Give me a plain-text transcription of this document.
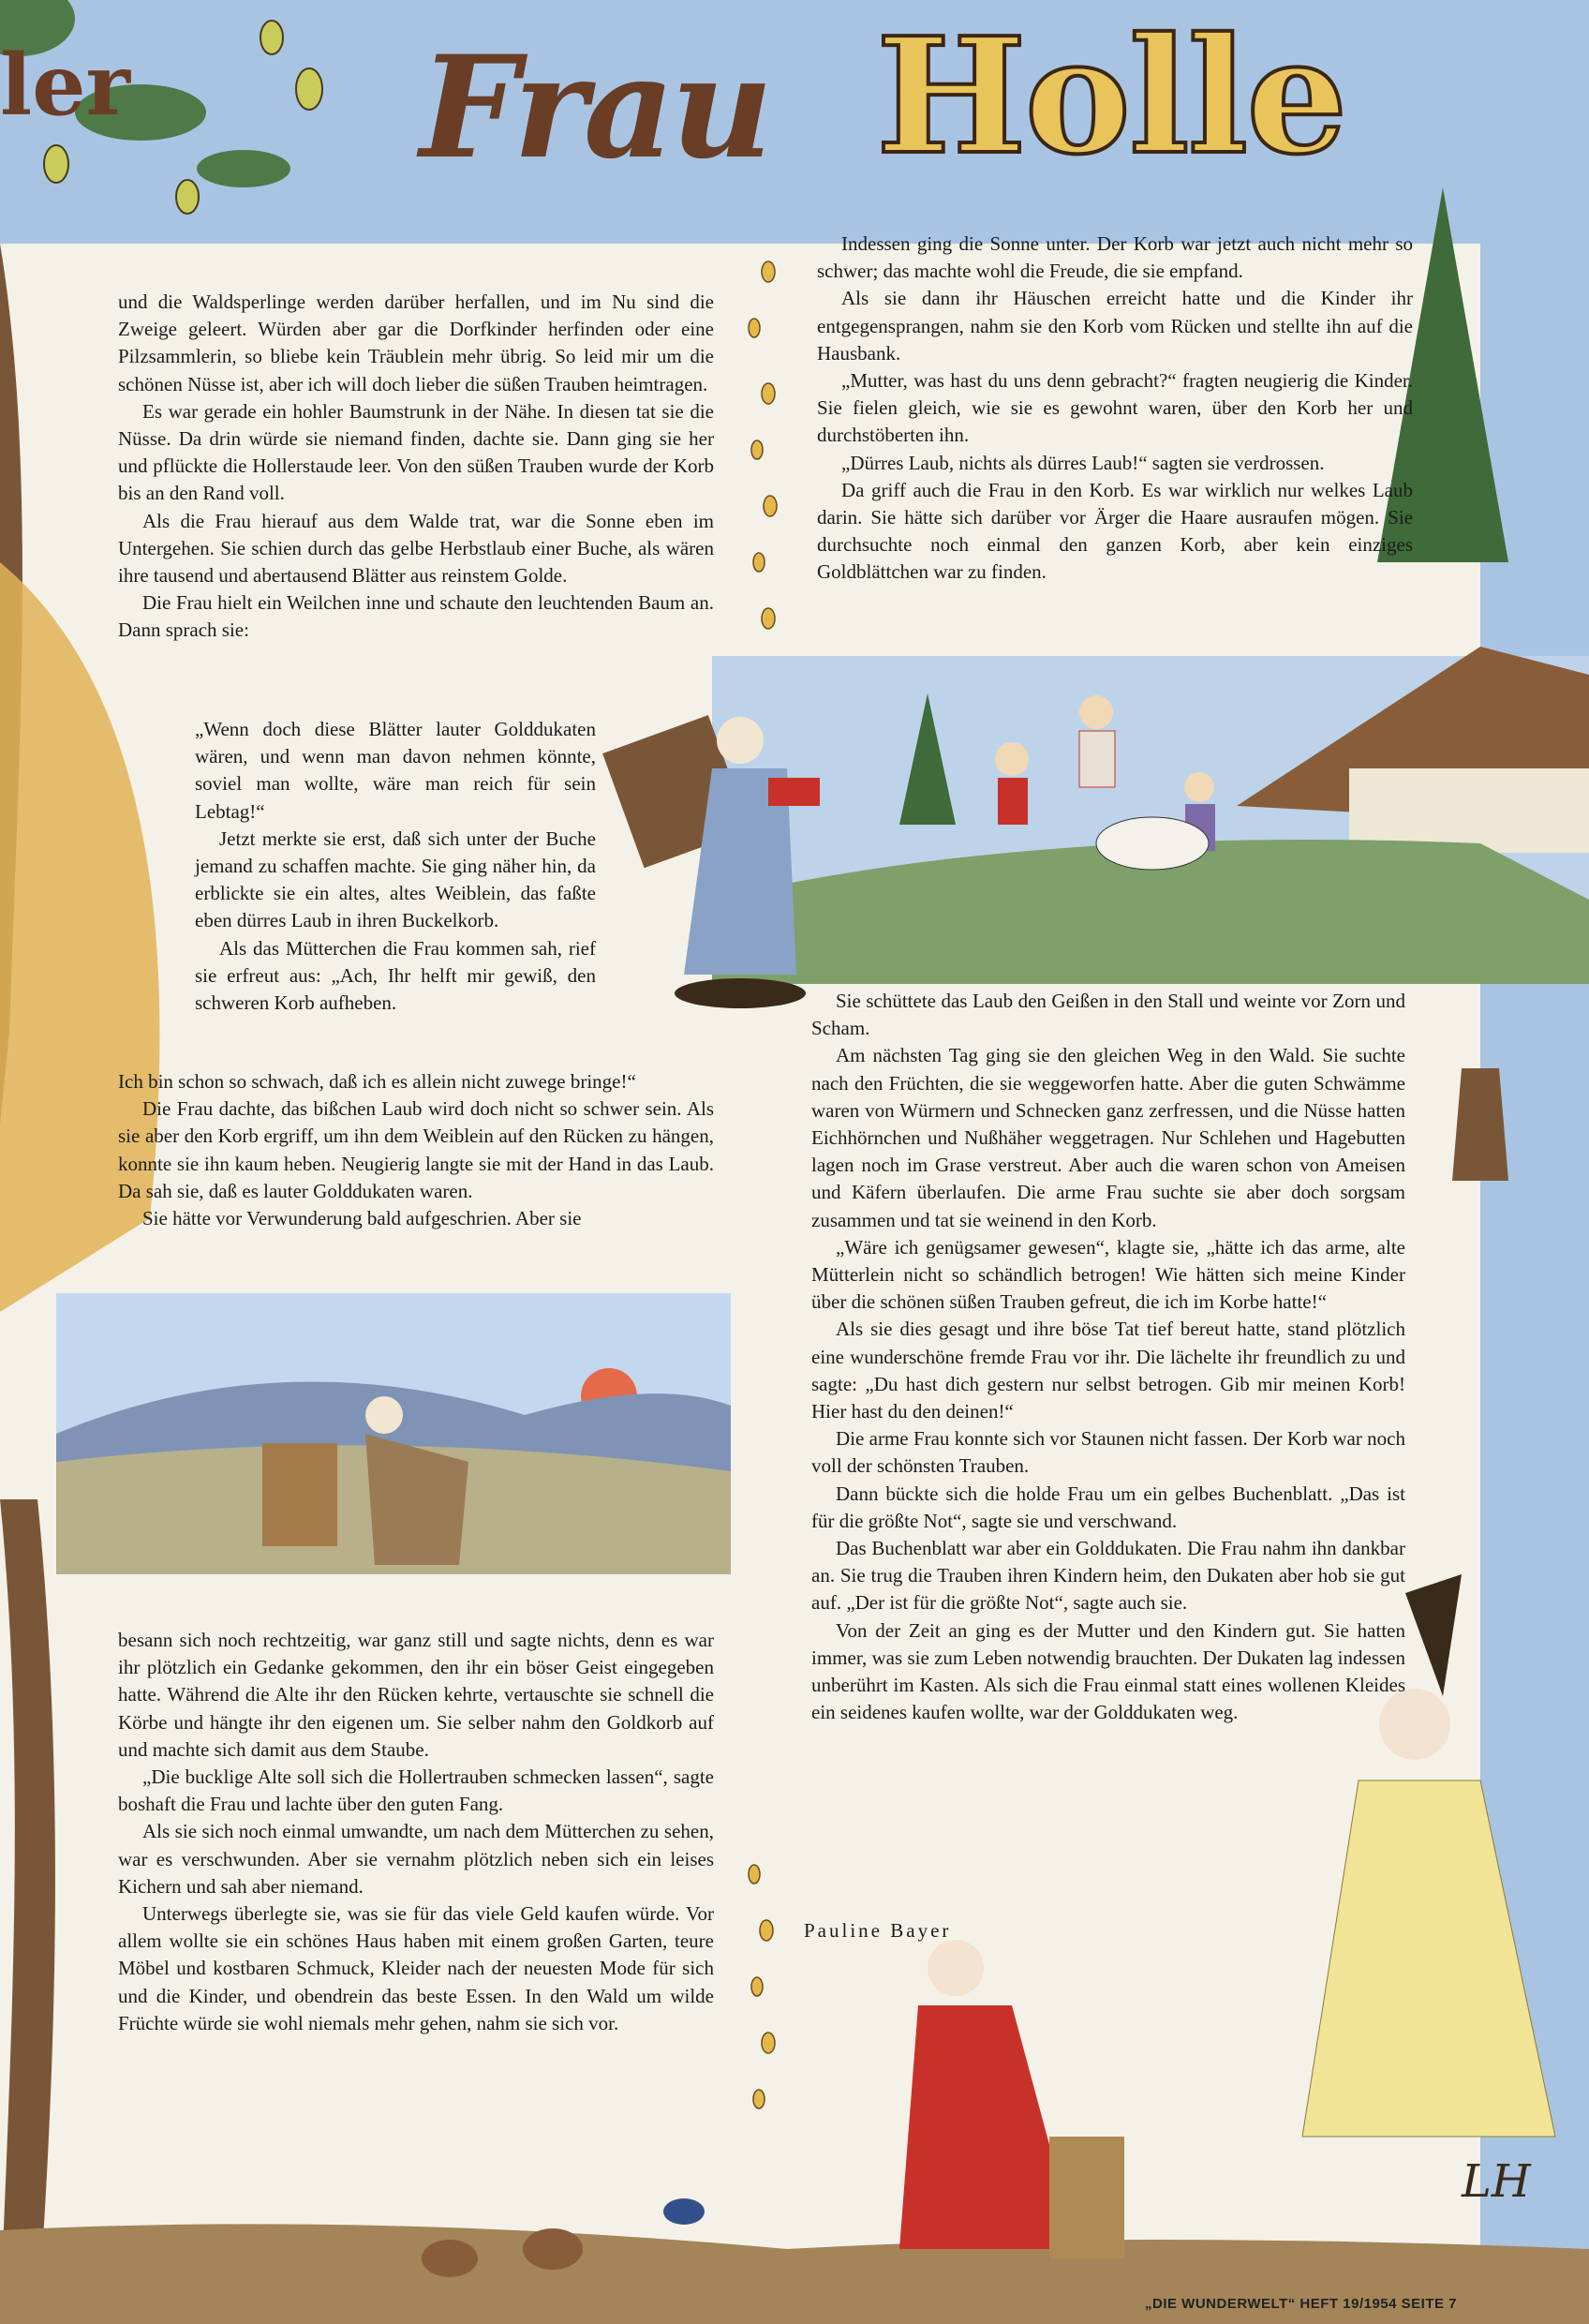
ler Frau Holle

und die Waldsperlinge werden darüber herfallen, und im Nu sind die Zweige geleert. Würden aber gar die Dorfkinder herfinden oder eine Pilzsammlerin, so bliebe kein Träublein mehr übrig. So leid mir um die schönen Nüsse ist, aber ich will doch lieber die süßen Trauben heimtragen.

Es war gerade ein hohler Baumstrunk in der Nähe. In diesen tat sie die Nüsse. Da drin würde sie niemand finden, dachte sie. Dann ging sie her und pflückte die Hollerstaude leer. Von den süßen Trauben wurde der Korb bis an den Rand voll.

Als die Frau hierauf aus dem Walde trat, war die Sonne eben im Untergehen. Sie schien durch das gelbe Herbstlaub einer Buche, als wären ihre tausend und abertausend Blätter aus reinstem Golde.

Die Frau hielt ein Weilchen inne und schaute den leuchtenden Baum an. Dann sprach sie:

„Wenn doch diese Blätter lauter Golddukaten wären, und wenn man davon nehmen könnte, soviel man wollte, wäre man reich für sein Lebtag!“

Jetzt merkte sie erst, daß sich unter der Buche jemand zu schaffen machte. Sie ging näher hin, da erblickte sie ein altes, altes Weiblein, das faßte eben dürres Laub in ihren Buckelkorb.

Als das Mütterchen die Frau kommen sah, rief sie erfreut aus: „Ach, Ihr helft mir gewiß, den schweren Korb aufheben.

Ich bin schon so schwach, daß ich es allein nicht zuwege bringe!“

Die Frau dachte, das bißchen Laub wird doch nicht so schwer sein. Als sie aber den Korb ergriff, um ihn dem Weiblein auf den Rücken zu hängen, konnte sie ihn kaum heben. Neugierig langte sie mit der Hand in das Laub. Da sah sie, daß es lauter Golddukaten waren.

Sie hätte vor Verwunderung bald aufgeschrien. Aber sie

besann sich noch rechtzeitig, war ganz still und sagte nichts, denn es war ihr plötzlich ein Gedanke gekommen, den ihr ein böser Geist eingegeben hatte. Während die Alte ihr den Rücken kehrte, vertauschte sie schnell die Körbe und hängte ihr den eigenen um. Sie selber nahm den Goldkorb auf und machte sich damit aus dem Staube.

„Die bucklige Alte soll sich die Hollertrauben schmecken lassen“, sagte boshaft die Frau und lachte über den guten Fang.

Als sie sich noch einmal umwandte, um nach dem Mütterchen zu sehen, war es verschwunden. Aber sie vernahm plötzlich neben sich ein leises Kichern und sah aber niemand.

Unterwegs überlegte sie, was sie für das viele Geld kaufen würde. Vor allem wollte sie ein schönes Haus haben mit einem großen Garten, teure Möbel und kostbaren Schmuck, Kleider nach der neuesten Mode für sich und die Kinder, und obendrein das beste Essen. In den Wald um wilde Früchte würde sie wohl niemals mehr gehen, nahm sie sich vor.

Indessen ging die Sonne unter. Der Korb war jetzt auch nicht mehr so schwer; das machte wohl die Freude, die sie empfand.

Als sie dann ihr Häuschen erreicht hatte und die Kinder ihr entgegensprangen, nahm sie den Korb vom Rücken und stellte ihn auf die Hausbank.

„Mutter, was hast du uns denn gebracht?“ fragten neugierig die Kinder. Sie fielen gleich, wie sie es gewohnt waren, über den Korb her und durchstöberten ihn.

„Dürres Laub, nichts als dürres Laub!“ sagten sie verdrossen.

Da griff auch die Frau in den Korb. Es war wirklich nur welkes Laub darin. Sie hätte sich darüber vor Ärger die Haare ausraufen mögen. Sie durchsuchte noch einmal den ganzen Korb, aber kein einziges Goldblättchen war zu finden.

Sie schüttete das Laub den Geißen in den Stall und weinte vor Zorn und Scham.

Am nächsten Tag ging sie den gleichen Weg in den Wald. Sie suchte nach den Früchten, die sie weggeworfen hatte. Aber die guten Schwämme waren von Würmern und Schnecken ganz zerfressen, und die Nüsse hatten Eichhörnchen und Nußhäher weggetragen. Nur Schlehen und Hagebutten lagen noch im Grase verstreut. Aber auch die waren schon von Ameisen und Käfern überlaufen. Die arme Frau suchte sie aber doch sorgsam zusammen und tat sie weinend in den Korb.

„Wäre ich genügsamer gewesen“, klagte sie, „hätte ich das arme, alte Mütterlein nicht so schändlich betrogen! Wie hätten sich meine Kinder über die schönen süßen Trauben gefreut, die ich im Korbe hatte!“

Als sie dies gesagt und ihre böse Tat tief bereut hatte, stand plötzlich eine wunderschöne fremde Frau vor ihr. Die lächelte ihr freundlich zu und sagte: „Du hast dich gestern nur selbst betrogen. Gib mir meinen Korb! Hier hast du den deinen!“

Die arme Frau konnte sich vor Staunen nicht fassen. Der Korb war noch voll der schönsten Trauben.

Dann bückte sich die holde Frau um ein gelbes Buchenblatt. „Das ist für die größte Not“, sagte sie und verschwand.

Das Buchenblatt war aber ein Golddukaten. Die Frau nahm ihn dankbar an. Sie trug die Trauben ihren Kindern heim, den Dukaten aber hob sie gut auf. „Der ist für die größte Not“, sagte auch sie.

Von der Zeit an ging es der Mutter und den Kindern gut. Sie hatten immer, was sie zum Leben notwendig brauchten. Der Dukaten lag indessen unberührt im Kasten. Als sich die Frau einmal statt eines wollenen Kleides ein seidenes kaufen wollte, war der Golddukaten weg.

Pauline Bayer
LH
„DIE WUNDERWELT“ HEFT 19/1954 SEITE 7
